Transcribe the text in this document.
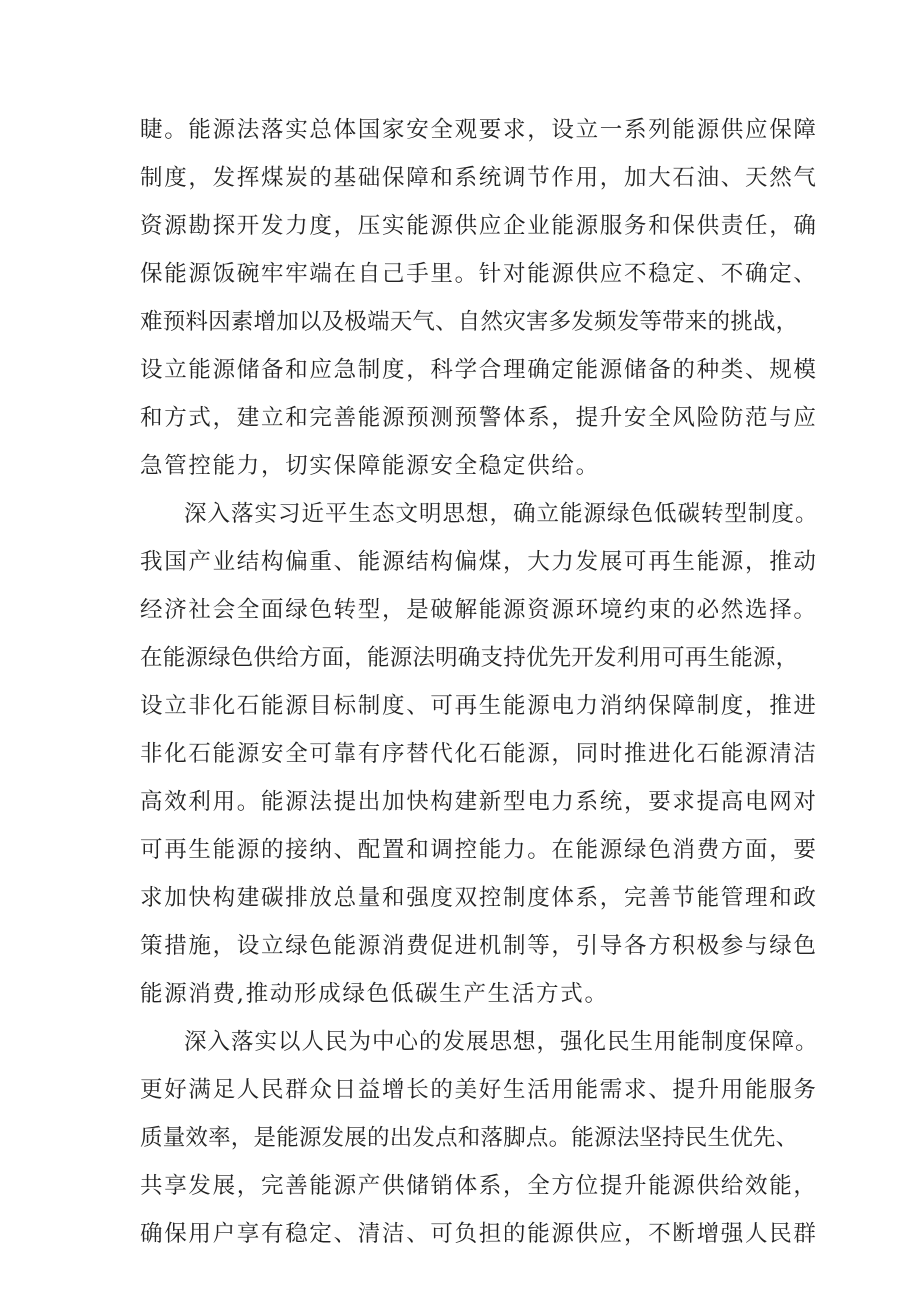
睫。能源法落实总体国家安全观要求，设立一系列能源供应保障
制度，发挥煤炭的基础保障和系统调节作用，加大石油、天然气
资源勘探开发力度，压实能源供应企业能源服务和保供责任，确
保能源饭碗牢牢端在自己手里。针对能源供应不稳定、不确定、
难预料因素增加以及极端天气、自然灾害多发频发等带来的挑战，
设立能源储备和应急制度，科学合理确定能源储备的种类、规模
和方式，建立和完善能源预测预警体系，提升安全风险防范与应
急管控能力，切实保障能源安全稳定供给。
深入落实习近平生态文明思想，确立能源绿色低碳转型制度。
我国产业结构偏重、能源结构偏煤，大力发展可再生能源，推动
经济社会全面绿色转型，是破解能源资源环境约束的必然选择。
在能源绿色供给方面，能源法明确支持优先开发利用可再生能源，
设立非化石能源目标制度、可再生能源电力消纳保障制度，推进
非化石能源安全可靠有序替代化石能源，同时推进化石能源清洁
高效利用。能源法提出加快构建新型电力系统，要求提高电网对
可再生能源的接纳、配置和调控能力。在能源绿色消费方面，要
求加快构建碳排放总量和强度双控制度体系，完善节能管理和政
策措施，设立绿色能源消费促进机制等，引导各方积极参与绿色
能源消费,推动形成绿色低碳生产生活方式。
深入落实以人民为中心的发展思想，强化民生用能制度保障。
更好满足人民群众日益增长的美好生活用能需求、提升用能服务
质量效率，是能源发展的出发点和落脚点。能源法坚持民生优先、
共享发展，完善能源产供储销体系，全方位提升能源供给效能，
确保用户享有稳定、清洁、可负担的能源供应，不断增强人民群
